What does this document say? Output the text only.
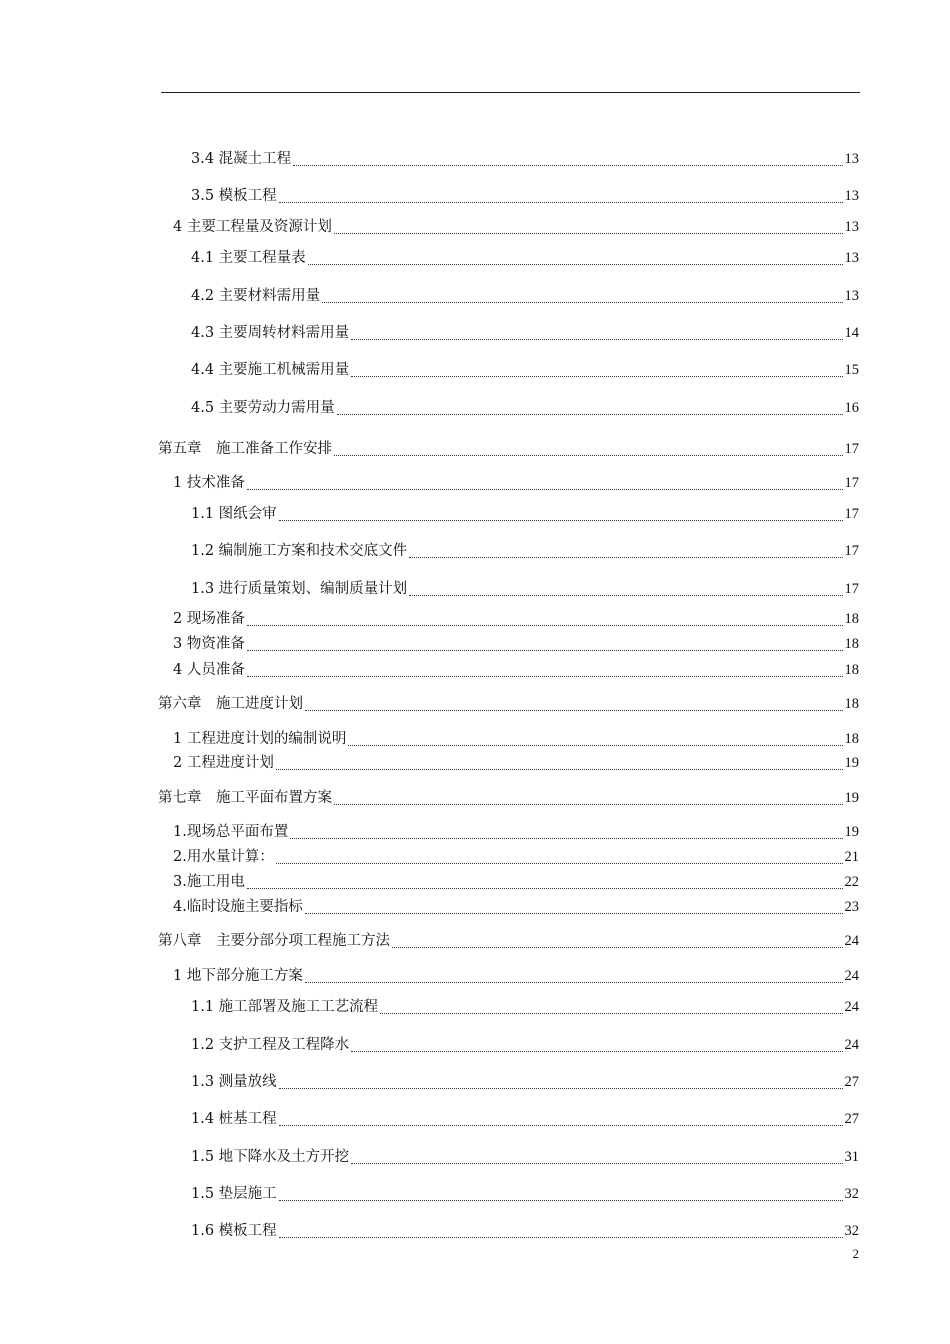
3.4 混凝土工程	13
3.5 模板工程	13
4 主要工程量及资源计划	13
4.1 主要工程量表	13
4.2 主要材料需用量	13
4.3 主要周转材料需用量	14
4.4 主要施工机械需用量	15
4.5 主要劳动力需用量	16
第五章　施工准备工作安排	17
1 技术准备	17
1.1 图纸会审	17
1.2 编制施工方案和技术交底文件	17
1.3 进行质量策划、编制质量计划	17
2 现场准备	18
3 物资准备	18
4 人员准备	18
第六章　施工进度计划	18
1 工程进度计划的编制说明	18
2 工程进度计划	19
第七章　施工平面布置方案	19
1.现场总平面布置	19
2.用水量计算：	21
3.施工用电	22
4.临时设施主要指标	23
第八章　主要分部分项工程施工方法	24
1 地下部分施工方案	24
1.1 施工部署及施工工艺流程	24
1.2 支护工程及工程降水	24
1.3 测量放线	27
1.4 桩基工程	27
1.5 地下降水及土方开挖	31
1.5 垫层施工	32
1.6 模板工程	32
2
